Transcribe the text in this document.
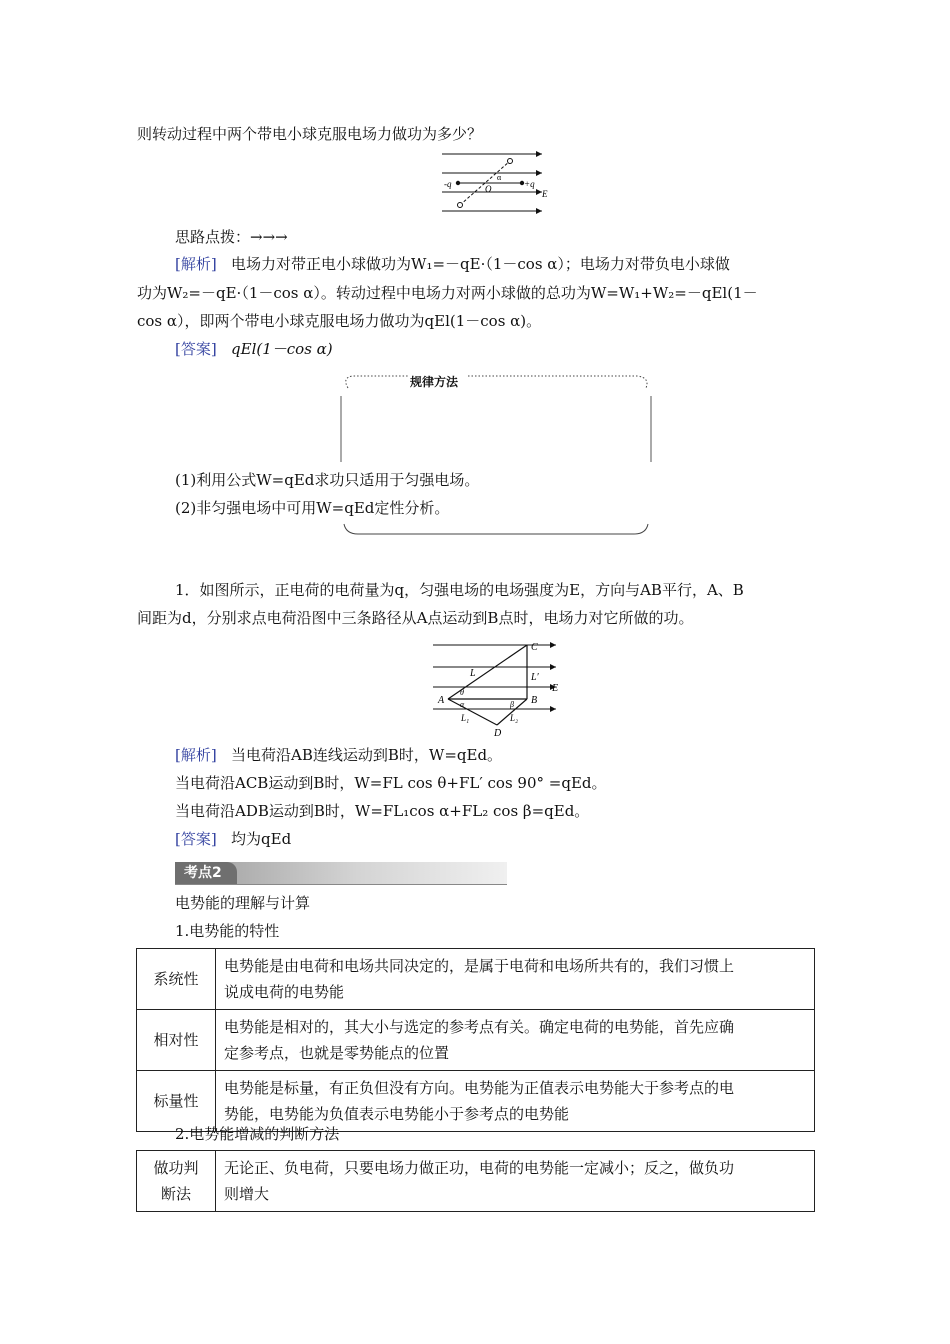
则转动过程中两个带电小球克服电场力做功为多少？
-q	+q
O
α
E
思路点拨：→→→
[解析] 电场力对带正电小球做功为W₁=－qE·（1－cos α）；电场力对带负电小球做
功为W₂=－qE·（1－cos α）。转动过程中电场力对两小球做的总功为W=W₁+W₂=－qEl(1－
cos α），即两个带电小球克服电场力做功为qEl(1－cos α)。
[答案] qEl(1－cos α)
规律方法
(1)利用公式W=qEd求功只适用于匀强电场。
(2)非匀强电场中可用W=qEd定性分析。
1．如图所示，正电荷的电荷量为q，匀强电场的电场强度为E，方向与AB平行，A、B
间距为d，分别求点电荷沿图中三条路径从A点运动到B点时，电场力对它所做的功。
A	B
C
D
E
L	L′
L₁	L₂
θ
α	β
[解析] 当电荷沿AB连线运动到B时，W=qEd。
当电荷沿ACB运动到B时，W=FL cos θ+FL′ cos 90° =qEd。
当电荷沿ADB运动到B时，W=FL₁cos α+FL₂ cos β=qEd。
[答案] 均为qEd
考点2
电势能的理解与计算
1.电势能的特性
系统性	电势能是由电荷和电场共同决定的，是属于电荷和电场所共有的，我们习惯上
说成电荷的电势能
相对性	电势能是相对的，其大小与选定的参考点有关。确定电荷的电势能，首先应确
定参考点，也就是零势能点的位置
标量性	电势能是标量，有正负但没有方向。电势能为正值表示电势能大于参考点的电
势能，电势能为负值表示电势能小于参考点的电势能
2.电势能增减的判断方法
做功判
断法	无论正、负电荷，只要电场力做正功，电荷的电势能一定减小；反之，做负功
则增大
